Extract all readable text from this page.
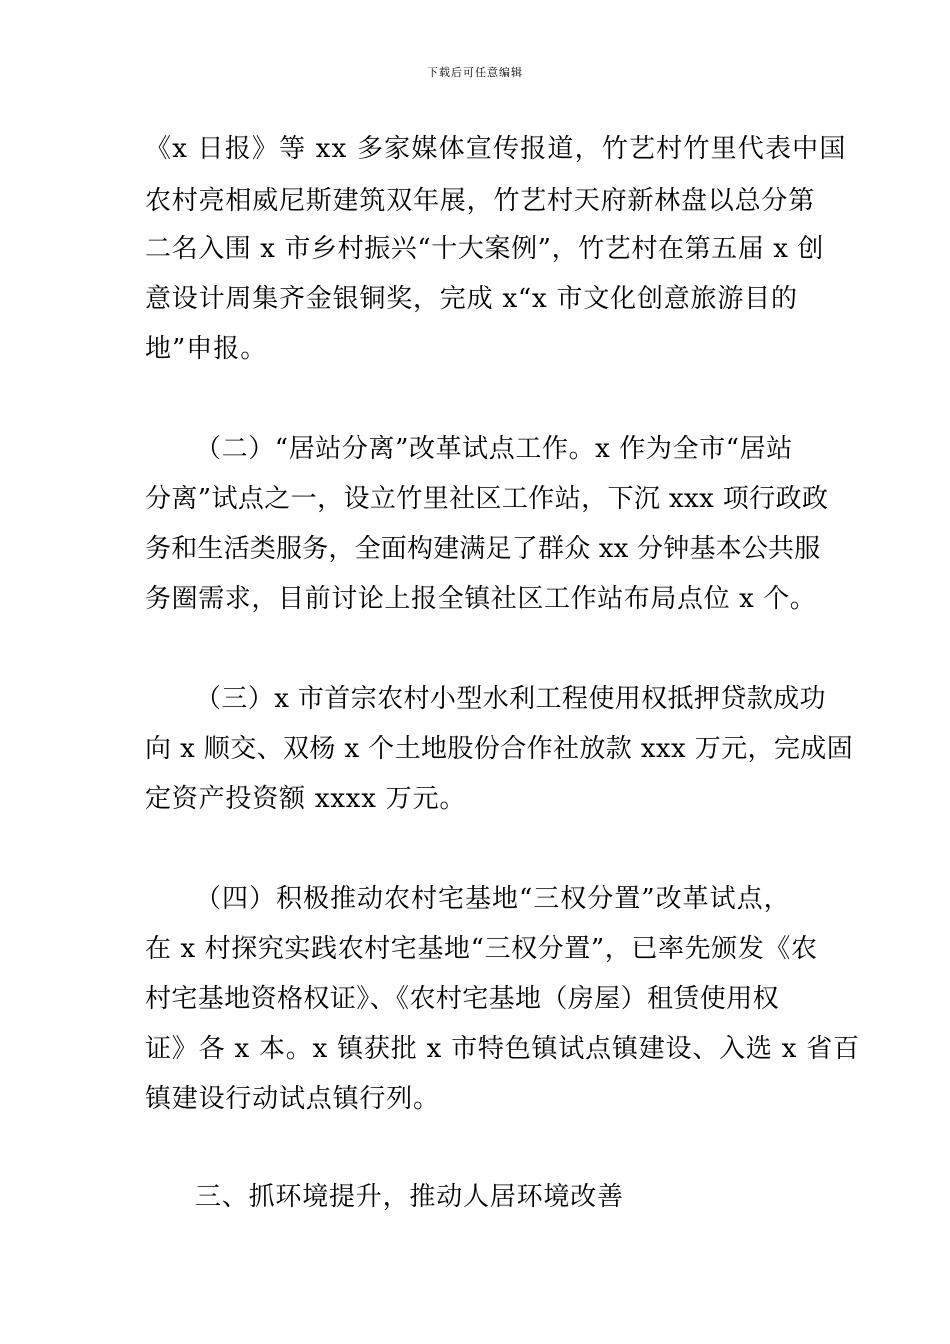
下载后可任意编辑
《x 日报》等 xx 多家媒体宣传报道，竹艺村竹里代表中国
农村亮相威尼斯建筑双年展，竹艺村天府新林盘以总分第
二名入围 x 市乡村振兴“十大案例”，竹艺村在第五届 x 创
意设计周集齐金银铜奖，完成 x“x 市文化创意旅游目的
地”申报。
（二）“居站分离”改革试点工作。x 作为全市“居站
分离”试点之一，设立竹里社区工作站，下沉 xxx 项行政政
务和生活类服务，全面构建满足了群众 xx 分钟基本公共服
务圈需求，目前讨论上报全镇社区工作站布局点位 x 个。
（三）x 市首宗农村小型水利工程使用权抵押贷款成功
向 x 顺交、双杨 x 个土地股份合作社放款 xxx 万元，完成固
定资产投资额 xxxx 万元。
（四）积极推动农村宅基地“三权分置”改革试点，
在 x 村探究实践农村宅基地“三权分置”，已率先颁发《农
村宅基地资格权证》、《农村宅基地（房屋）租赁使用权
证》各 x 本。x 镇获批 x 市特色镇试点镇建设、入选 x 省百
镇建设行动试点镇行列。
三、抓环境提升，推动人居环境改善
